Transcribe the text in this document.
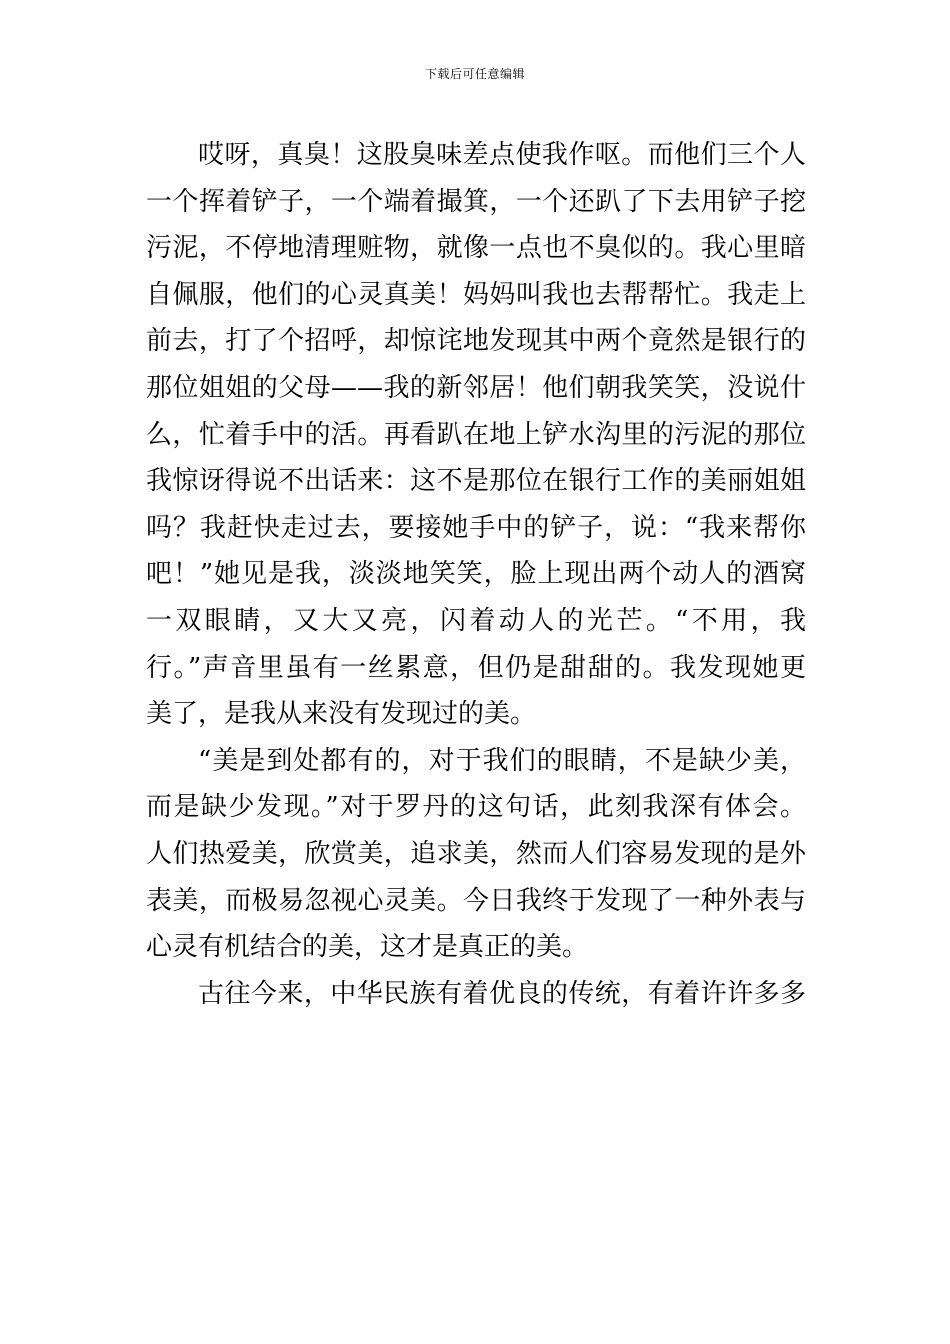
下载后可任意编辑
哎呀，真臭！这股臭味差点使我作呕。而他们三个人
一个挥着铲子，一个端着撮箕，一个还趴了下去用铲子挖
污泥，不停地清理赃物，就像一点也不臭似的。我心里暗
自佩服，他们的心灵真美！妈妈叫我也去帮帮忙。我走上
前去，打了个招呼，却惊诧地发现其中两个竟然是银行的
那位姐姐的父母——我的新邻居！他们朝我笑笑，没说什
么，忙着手中的活。再看趴在地上铲水沟里的污泥的那位
我惊讶得说不出话来：这不是那位在银行工作的美丽姐姐
吗？我赶快走过去，要接她手中的铲子，说：“我来帮你
吧！”她见是我，淡淡地笑笑，脸上现出两个动人的酒窝
一双眼睛，又大又亮，闪着动人的光芒。“不用，我
行。”声音里虽有一丝累意，但仍是甜甜的。我发现她更
美了，是我从来没有发现过的美。
“美是到处都有的，对于我们的眼睛，不是缺少美，
而是缺少发现。”对于罗丹的这句话，此刻我深有体会。
人们热爱美，欣赏美，追求美，然而人们容易发现的是外
表美，而极易忽视心灵美。今日我终于发现了一种外表与
心灵有机结合的美，这才是真正的美。
古往今来，中华民族有着优良的传统，有着许许多多
